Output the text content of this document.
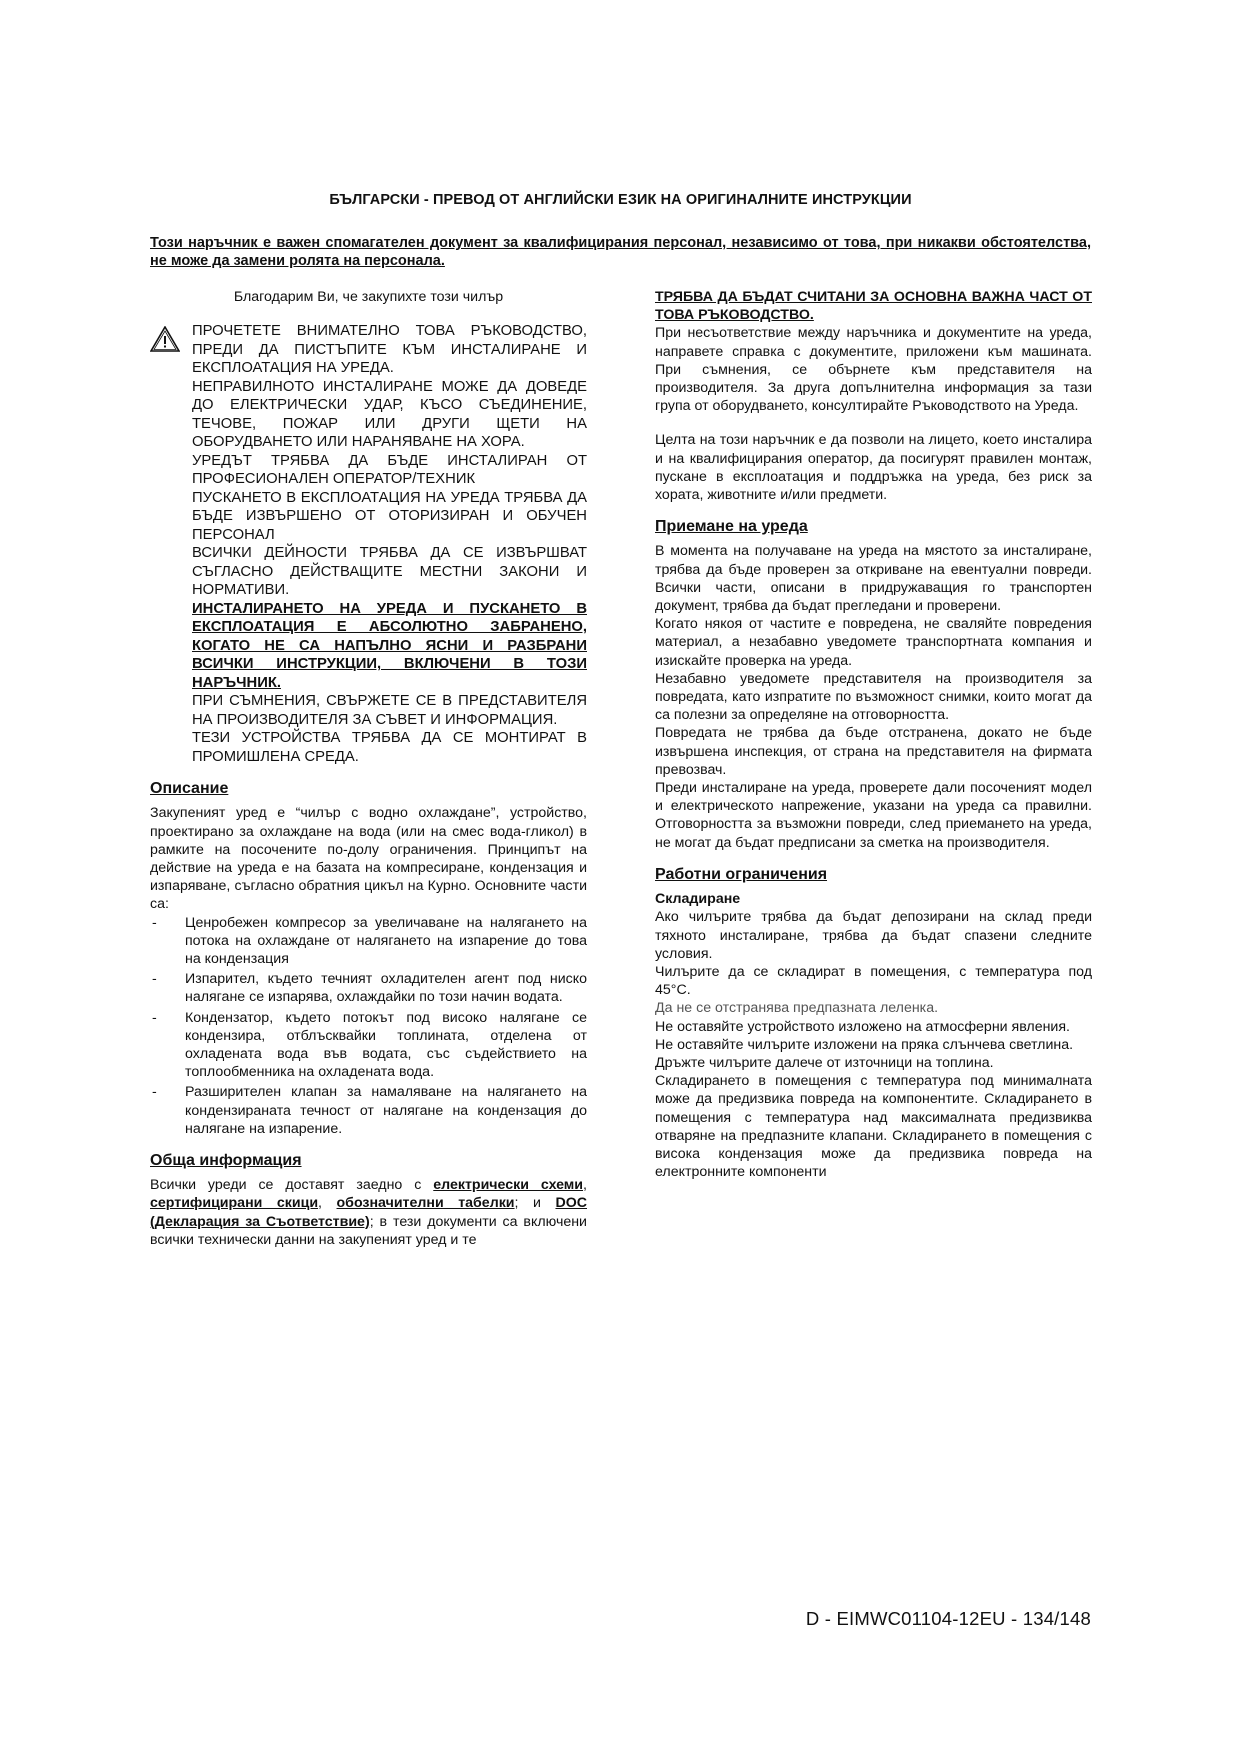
БЪЛГАРСКИ - ПРЕВОД ОТ АНГЛИЙСКИ ЕЗИК НА ОРИГИНАЛНИТЕ ИНСТРУКЦИИ

Този наръчник е важен спомагателен документ за квалифицирания персонал, независимо от това, при никакви обстоятелства, не може да замени ролята на персонала.

Благодарим Ви, че закупихте този чилър

ПРОЧЕТЕТЕ ВНИМАТЕЛНО ТОВА РЪКОВОДСТВО, ПРЕДИ ДА ПИСТЪПИТЕ КЪМ ИНСТАЛИРАНЕ И ЕКСПЛОАТАЦИЯ НА УРЕДА.

НЕПРАВИЛНОТО ИНСТАЛИРАНЕ МОЖЕ ДА ДОВЕДЕ ДО ЕЛЕКТРИЧЕСКИ УДАР, КЪСО СЪЕДИНЕНИЕ, ТЕЧОВЕ, ПОЖАР ИЛИ ДРУГИ ЩЕТИ НА ОБОРУДВАНЕТО ИЛИ НАРАНЯВАНЕ НА ХОРА.

УРЕДЪТ ТРЯБВА ДА БЪДЕ ИНСТАЛИРАН ОТ ПРОФЕСИОНАЛЕН ОПЕРАТОР/ТЕХНИК

ПУСКАНЕТО В ЕКСПЛОАТАЦИЯ НА УРЕДА ТРЯБВА ДА БЪДЕ ИЗВЪРШЕНО ОТ ОТОРИЗИРАН И ОБУЧЕН ПЕРСОНАЛ

ВСИЧКИ ДЕЙНОСТИ ТРЯБВА ДА СЕ ИЗВЪРШВАТ СЪГЛАСНО ДЕЙСТВАЩИТЕ МЕСТНИ ЗАКОНИ И НОРМАТИВИ.

ИНСТАЛИРАНЕТО НА УРЕДА И ПУСКАНЕТО В ЕКСПЛОАТАЦИЯ Е АБСОЛЮТНО ЗАБРАНЕНО, КОГАТО НЕ СА НАПЪЛНО ЯСНИ И РАЗБРАНИ ВСИЧКИ ИНСТРУКЦИИ, ВКЛЮЧЕНИ В ТОЗИ НАРЪЧНИК.

ПРИ СЪМНЕНИЯ, СВЪРЖЕТЕ СЕ В ПРЕДСТАВИТЕЛЯ НА ПРОИЗВОДИТЕЛЯ ЗА СЪВЕТ И ИНФОРМАЦИЯ.

ТЕЗИ УСТРОЙСТВА ТРЯБВА ДА СЕ МОНТИРАТ В ПРОМИШЛЕНА СРЕДА.

Описание

Закупеният уред е “чилър с водно охлаждане”, устройство, проектирано за охлаждане на вода (или на смес вода-гликол) в рамките на посочените по-долу ограничения. Принципът на действие на уреда е на базата на компресиране, кондензация и изпаряване, съгласно обратния цикъл на Курно. Основните части са:

- Ценробежен компресор за увеличаване на налягането на потока на охлаждане от налягането на изпарение до това на кондензация
- Изпарител, където течният охладителен агент под ниско налягане се изпарява, охлаждайки по този начин водата.
- Кондензатор, където потокът под високо налягане се кондензира, отблъсквайки топлината, отделена от охладената вода във водата, със съдействието на топлообменника на охладената вода.
- Разширителен клапан за намаляване на налягането на кондензираната течност от налягане на кондензация до налягане на изпарение.
Обща информация

Всички уреди се доставят заедно с електрически схеми, сертифицирани скици, обозначителни табелки; и DOC (Декларация за Съответствие); в тези документи са включени всички технически данни на закупеният уред и те

ТРЯБВА ДА БЪДАТ СЧИТАНИ ЗА ОСНОВНА ВАЖНА ЧАСТ ОТ ТОВА РЪКОВОДСТВО.

При несъответствие между наръчника и документите на уреда, направете справка с документите, приложени към машината. При съмнения, се обърнете към представителя на производителя. За друга допълнителна информация за тази група от оборудването, консултирайте Ръководството на Уреда.

Целта на този наръчник е да позволи на лицето, което инсталира и на квалифицирания оператор, да посигурят правилен монтаж, пускане в експлоатация и поддръжка на уреда, без риск за хората, животните и/или предмети.

Приемане на уреда

В момента на получаване на уреда на мястото за инсталиране, трябва да бъде проверен за откриване на евентуални повреди. Всички части, описани в придружаващия го транспортен документ, трябва да бъдат прегледани и проверени.

Когато някоя от частите е повредена, не сваляйте повредения материал, а незабавно уведомете транспортната компания и изискайте проверка на уреда.

Незабавно уведомете представителя на производителя за повредата, като изпратите по възможност снимки, които могат да са полезни за определяне на отговорността.

Повредата не трябва да бъде отстранена, докато не бъде извършена инспекция, от страна на представителя на фирмата превозвач.

Преди инсталиране на уреда, проверете дали посоченият модел и електрическото напрежение, указани на уреда са правилни. Отговорността за възможни повреди, след приемането на уреда, не могат да бъдат предписани за сметка на производителя.

Работни ограничения
Складиране

Ако чилърите трябва да бъдат депозирани на склад преди тяхното инсталиране, трябва да бъдат спазени следните условия.

Чилърите да се складират в помещения, с температура под 45°C.

Да не се отстранява предпазната леленка.

Не оставяйте устройството изложено на атмосферни явления.

Не оставяйте чилърите изложени на пряка слънчева светлина.

Дръжте чилърите далече от източници на топлина.

Складирането в помещения с температура под минималната може да предизвика повреда на компонентите. Складирането в помещения с температура над максималната предизвиква отваряне на предпазните клапани. Складирането в помещения с висока кондензация може да предизвика повреда на електронните компоненти

D - EIMWC01104-12EU - 134/148
